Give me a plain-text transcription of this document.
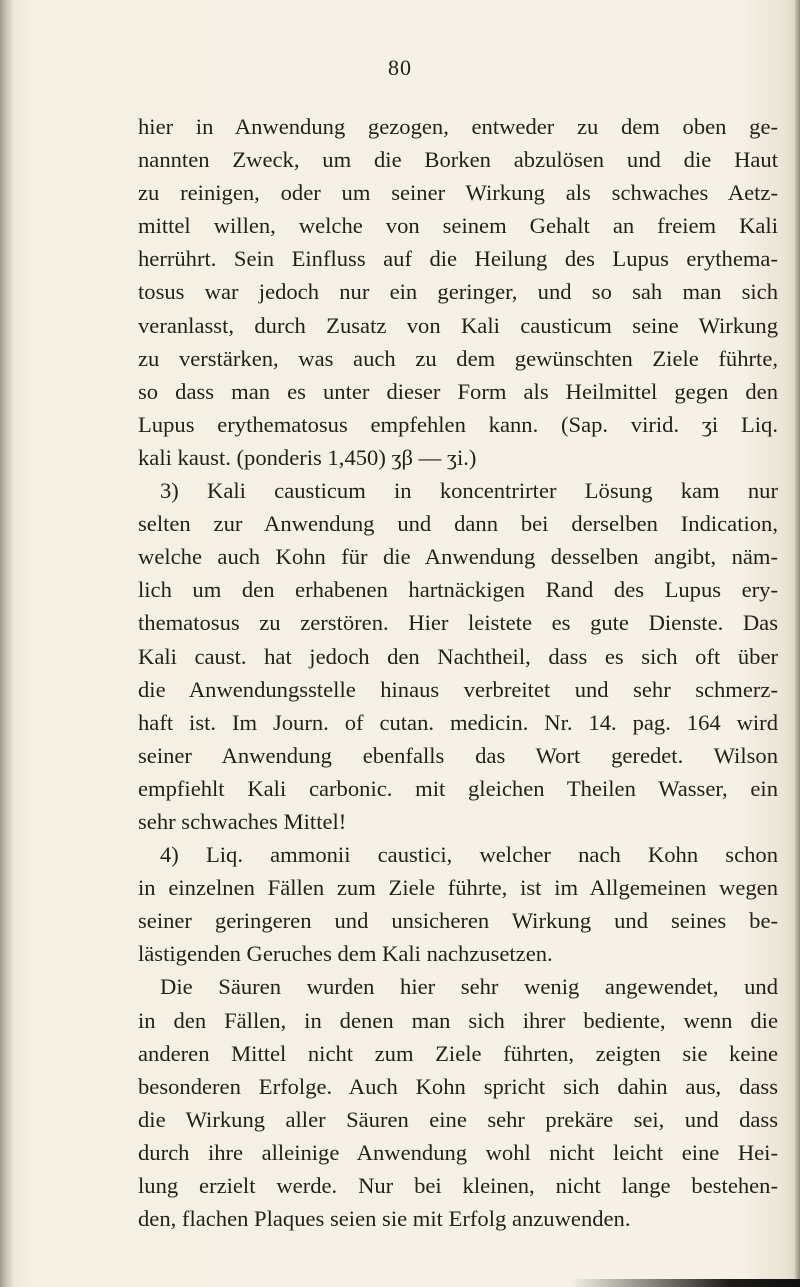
80
hier in Anwendung gezogen, entweder zu dem oben ge-
nannten Zweck, um die Borken abzulösen und die Haut
zu reinigen, oder um seiner Wirkung als schwaches Aetz-
mittel willen, welche von seinem Gehalt an freiem Kali
herrührt. Sein Einfluss auf die Heilung des Lupus erythema-
tosus war jedoch nur ein geringer, und so sah man sich
veranlasst, durch Zusatz von Kali causticum seine Wirkung
zu verstärken, was auch zu dem gewünschten Ziele führte,
so dass man es unter dieser Form als Heilmittel gegen den
Lupus erythematosus empfehlen kann. (Sap. virid. ʒi Liq.
kali kaust. (ponderis 1,450) ʒβ — ʒi.)
3) Kali causticum in koncentrirter Lösung kam nur
selten zur Anwendung und dann bei derselben Indication,
welche auch Kohn für die Anwendung desselben angibt, näm-
lich um den erhabenen hartnäckigen Rand des Lupus ery-
thematosus zu zerstören. Hier leistete es gute Dienste. Das
Kali caust. hat jedoch den Nachtheil, dass es sich oft über
die Anwendungsstelle hinaus verbreitet und sehr schmerz-
haft ist. Im Journ. of cutan. medicin. Nr. 14. pag. 164 wird
seiner Anwendung ebenfalls das Wort geredet. Wilson
empfiehlt Kali carbonic. mit gleichen Theilen Wasser, ein
sehr schwaches Mittel!
4) Liq. ammonii caustici, welcher nach Kohn schon
in einzelnen Fällen zum Ziele führte, ist im Allgemeinen wegen
seiner geringeren und unsicheren Wirkung und seines be-
lästigenden Geruches dem Kali nachzusetzen.
Die Säuren wurden hier sehr wenig angewendet, und
in den Fällen, in denen man sich ihrer bediente, wenn die
anderen Mittel nicht zum Ziele führten, zeigten sie keine
besonderen Erfolge. Auch Kohn spricht sich dahin aus, dass
die Wirkung aller Säuren eine sehr prekäre sei, und dass
durch ihre alleinige Anwendung wohl nicht leicht eine Hei-
lung erzielt werde. Nur bei kleinen, nicht lange bestehen-
den, flachen Plaques seien sie mit Erfolg anzuwenden.
